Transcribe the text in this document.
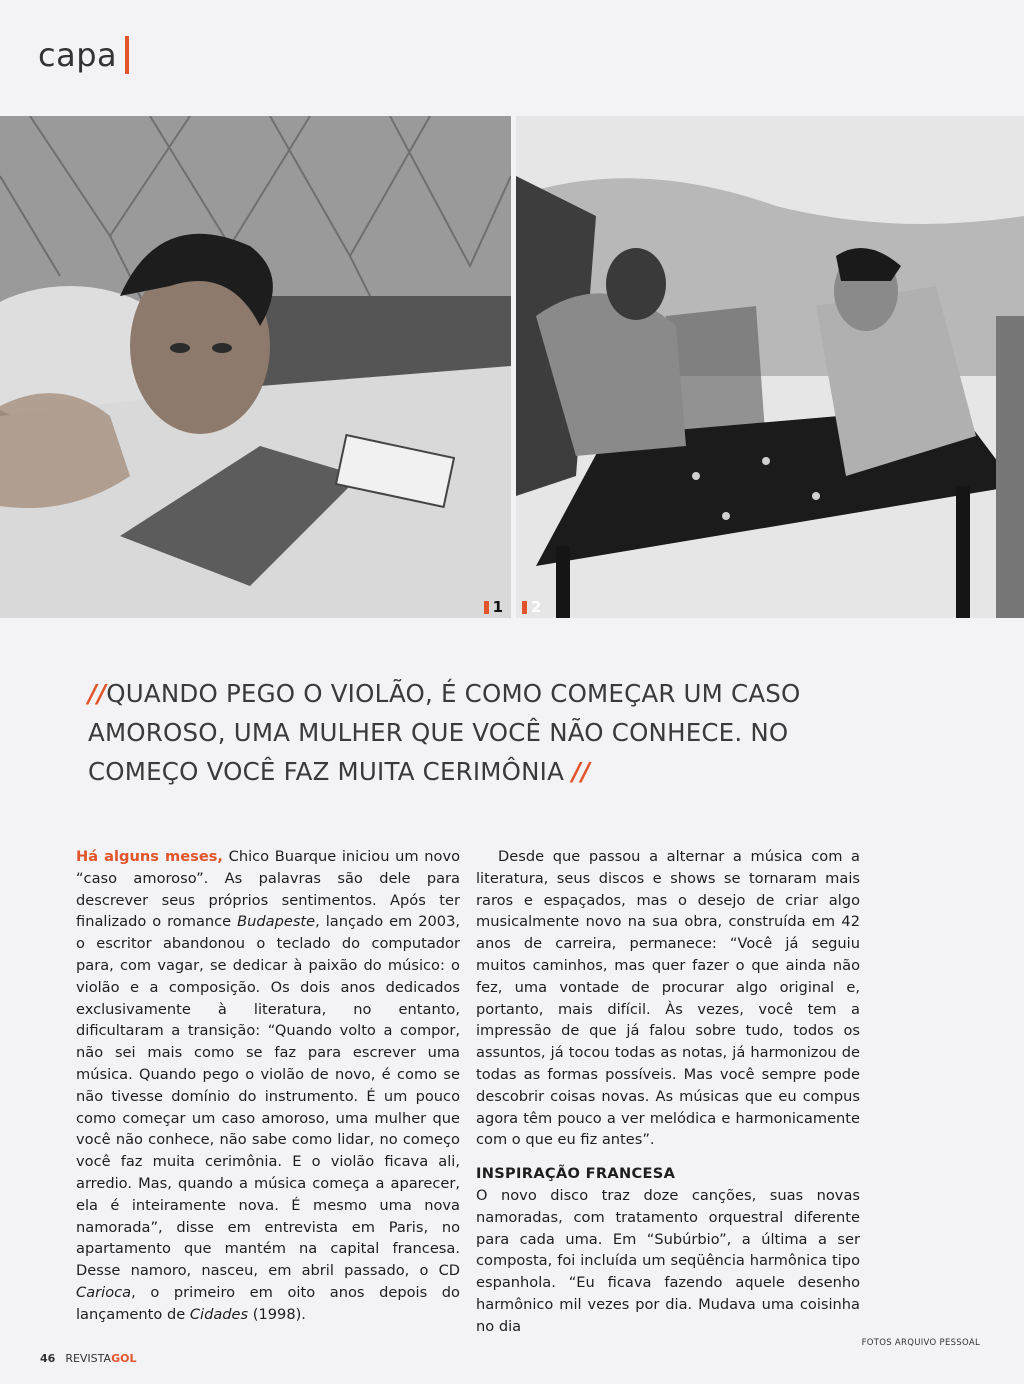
capa
1 2
//QUANDO PEGO O VIOLÃO, É COMO COMEÇAR UM CASO AMOROSO, UMA MULHER QUE VOCÊ NÃO CONHECE. NO COMEÇO VOCÊ FAZ MUITA CERIMÔNIA //

Há alguns meses, Chico Buarque iniciou um novo “caso amoroso”. As palavras são dele para descrever seus próprios sentimentos. Após ter finalizado o romance Budapeste, lançado em 2003, o escritor abandonou o teclado do computador para, com vagar, se dedicar à paixão do músico: o violão e a composição. Os dois anos dedicados exclusivamente à literatura, no entanto, dificultaram a transição: “Quando volto a compor, não sei mais como se faz para escrever uma música. Quando pego o violão de novo, é como se não tivesse domínio do instrumento. É um pouco como começar um caso amoroso, uma mulher que você não conhece, não sabe como lidar, no começo você faz muita cerimônia. E o violão ficava ali, arredio. Mas, quando a música começa a aparecer, ela é inteiramente nova. É mesmo uma nova namorada”, disse em entrevista em Paris, no apartamento que mantém na capital francesa. Desse namoro, nasceu, em abril passado, o CD Carioca, o primeiro em oito anos depois do lançamento de Cidades (1998).

Desde que passou a alternar a música com a literatura, seus discos e shows se tornaram mais raros e espaçados, mas o desejo de criar algo musicalmente novo na sua obra, construída em 42 anos de carreira, permanece: “Você já seguiu muitos caminhos, mas quer fazer o que ainda não fez, uma vontade de procurar algo original e, portanto, mais difícil. Às vezes, você tem a impressão de que já falou sobre tudo, todos os assuntos, já tocou todas as notas, já harmonizou de todas as formas possíveis. Mas você sempre pode descobrir coisas novas. As músicas que eu compus agora têm pouco a ver melódica e harmonicamente com o que eu fiz antes”.

INSPIRAÇÃO FRANCESA

O novo disco traz doze canções, suas novas namoradas, com tratamento orquestral diferente para cada uma. Em “Subúrbio”, a última a ser composta, foi incluída um seqüência harmônica tipo espanhola. “Eu ficava fazendo aquele desenho harmônico mil vezes por dia. Mudava uma coisinha no dia

46 REVISTAGOL
FOTOS ARQUIVO PESSOAL
